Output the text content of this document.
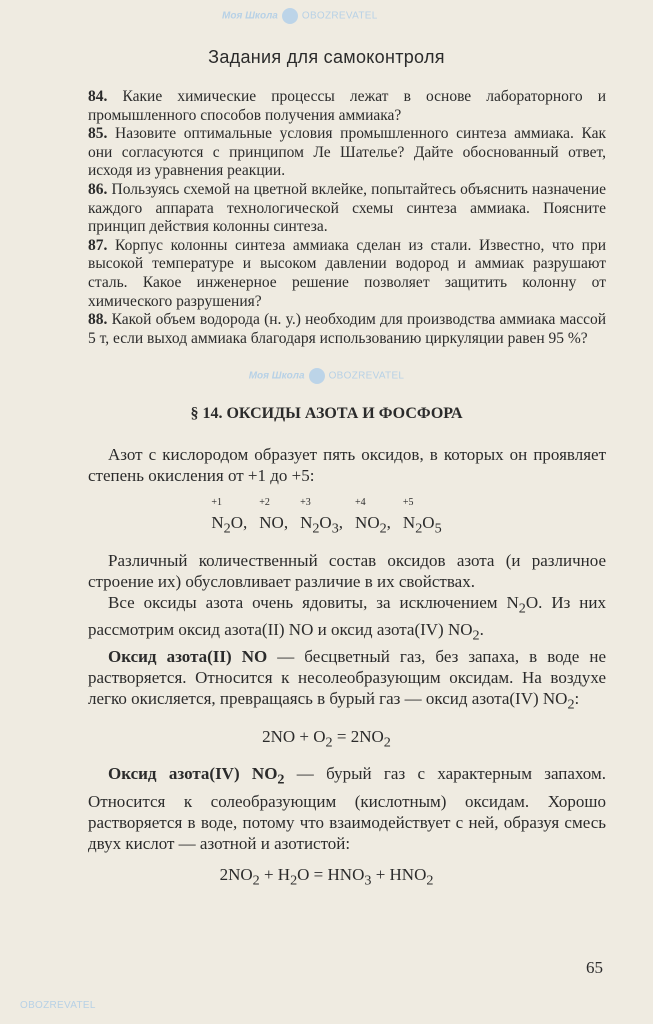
Моя Школа OBOZREVATEL
OBOZREVATEL
Задания для самоконтроля

84. Какие химические процессы лежат в основе лабораторного и промышленного способов получения аммиака?

85. Назовите оптимальные условия промышленного синтеза аммиака. Как они согласуются с принципом Ле Шателье? Дайте обоснованный ответ, исходя из уравнения реакции.

86. Пользуясь схемой на цветной вклейке, попытайтесь объяснить назначение каждого аппарата технологической схемы синтеза аммиака. Поясните принцип действия колонны синтеза.

87. Корпус колонны синтеза аммиака сделан из стали. Известно, что при высокой температуре и высоком давлении водород и аммиак разрушают сталь. Какое инженерное решение позволяет защитить колонну от химического разрушения?

88. Какой объем водорода (н. у.) необходим для производства аммиака массой 5 т, если выход аммиака благодаря использованию циркуляции равен 95 %?

Моя Школа OBOZREVATEL
§ 14. ОКСИДЫ АЗОТА И ФОСФОРА

Азот с кислородом образует пять оксидов, в которых он проявляет степень окисления от +1 до +5:

+1
$N_2O$,
+2
NO,
+3
$N_2O_3$,
+4
$NO_2$,
+5
$N_2O_5$

Различный количественный состав оксидов азота (и различное строение их) обусловливает различие в их свойствах.

Все оксиды азота очень ядовиты, за исключением $N_2O$. Из них рассмотрим оксид азота(II) NO и оксид азота(IV) $NO_2$.

Оксид азота(II) NO — бесцветный газ, без запаха, в воде не растворяется. Относится к несолеобразующим оксидам. На воздухе легко окисляется, превращаясь в бурый газ — оксид азота(IV) $NO_2$:

$2NO + O_2 = 2NO_2$

Оксид азота(IV) $NO_2$ — бурый газ с характерным запахом. Относится к солеобразующим (кислотным) оксидам. Хорошо растворяется в воде, потому что взаимодействует с ней, образуя смесь двух кислот — азотной и азотистой:

$2NO_2 + H_2O = HNO_3 + HNO_2$
65
